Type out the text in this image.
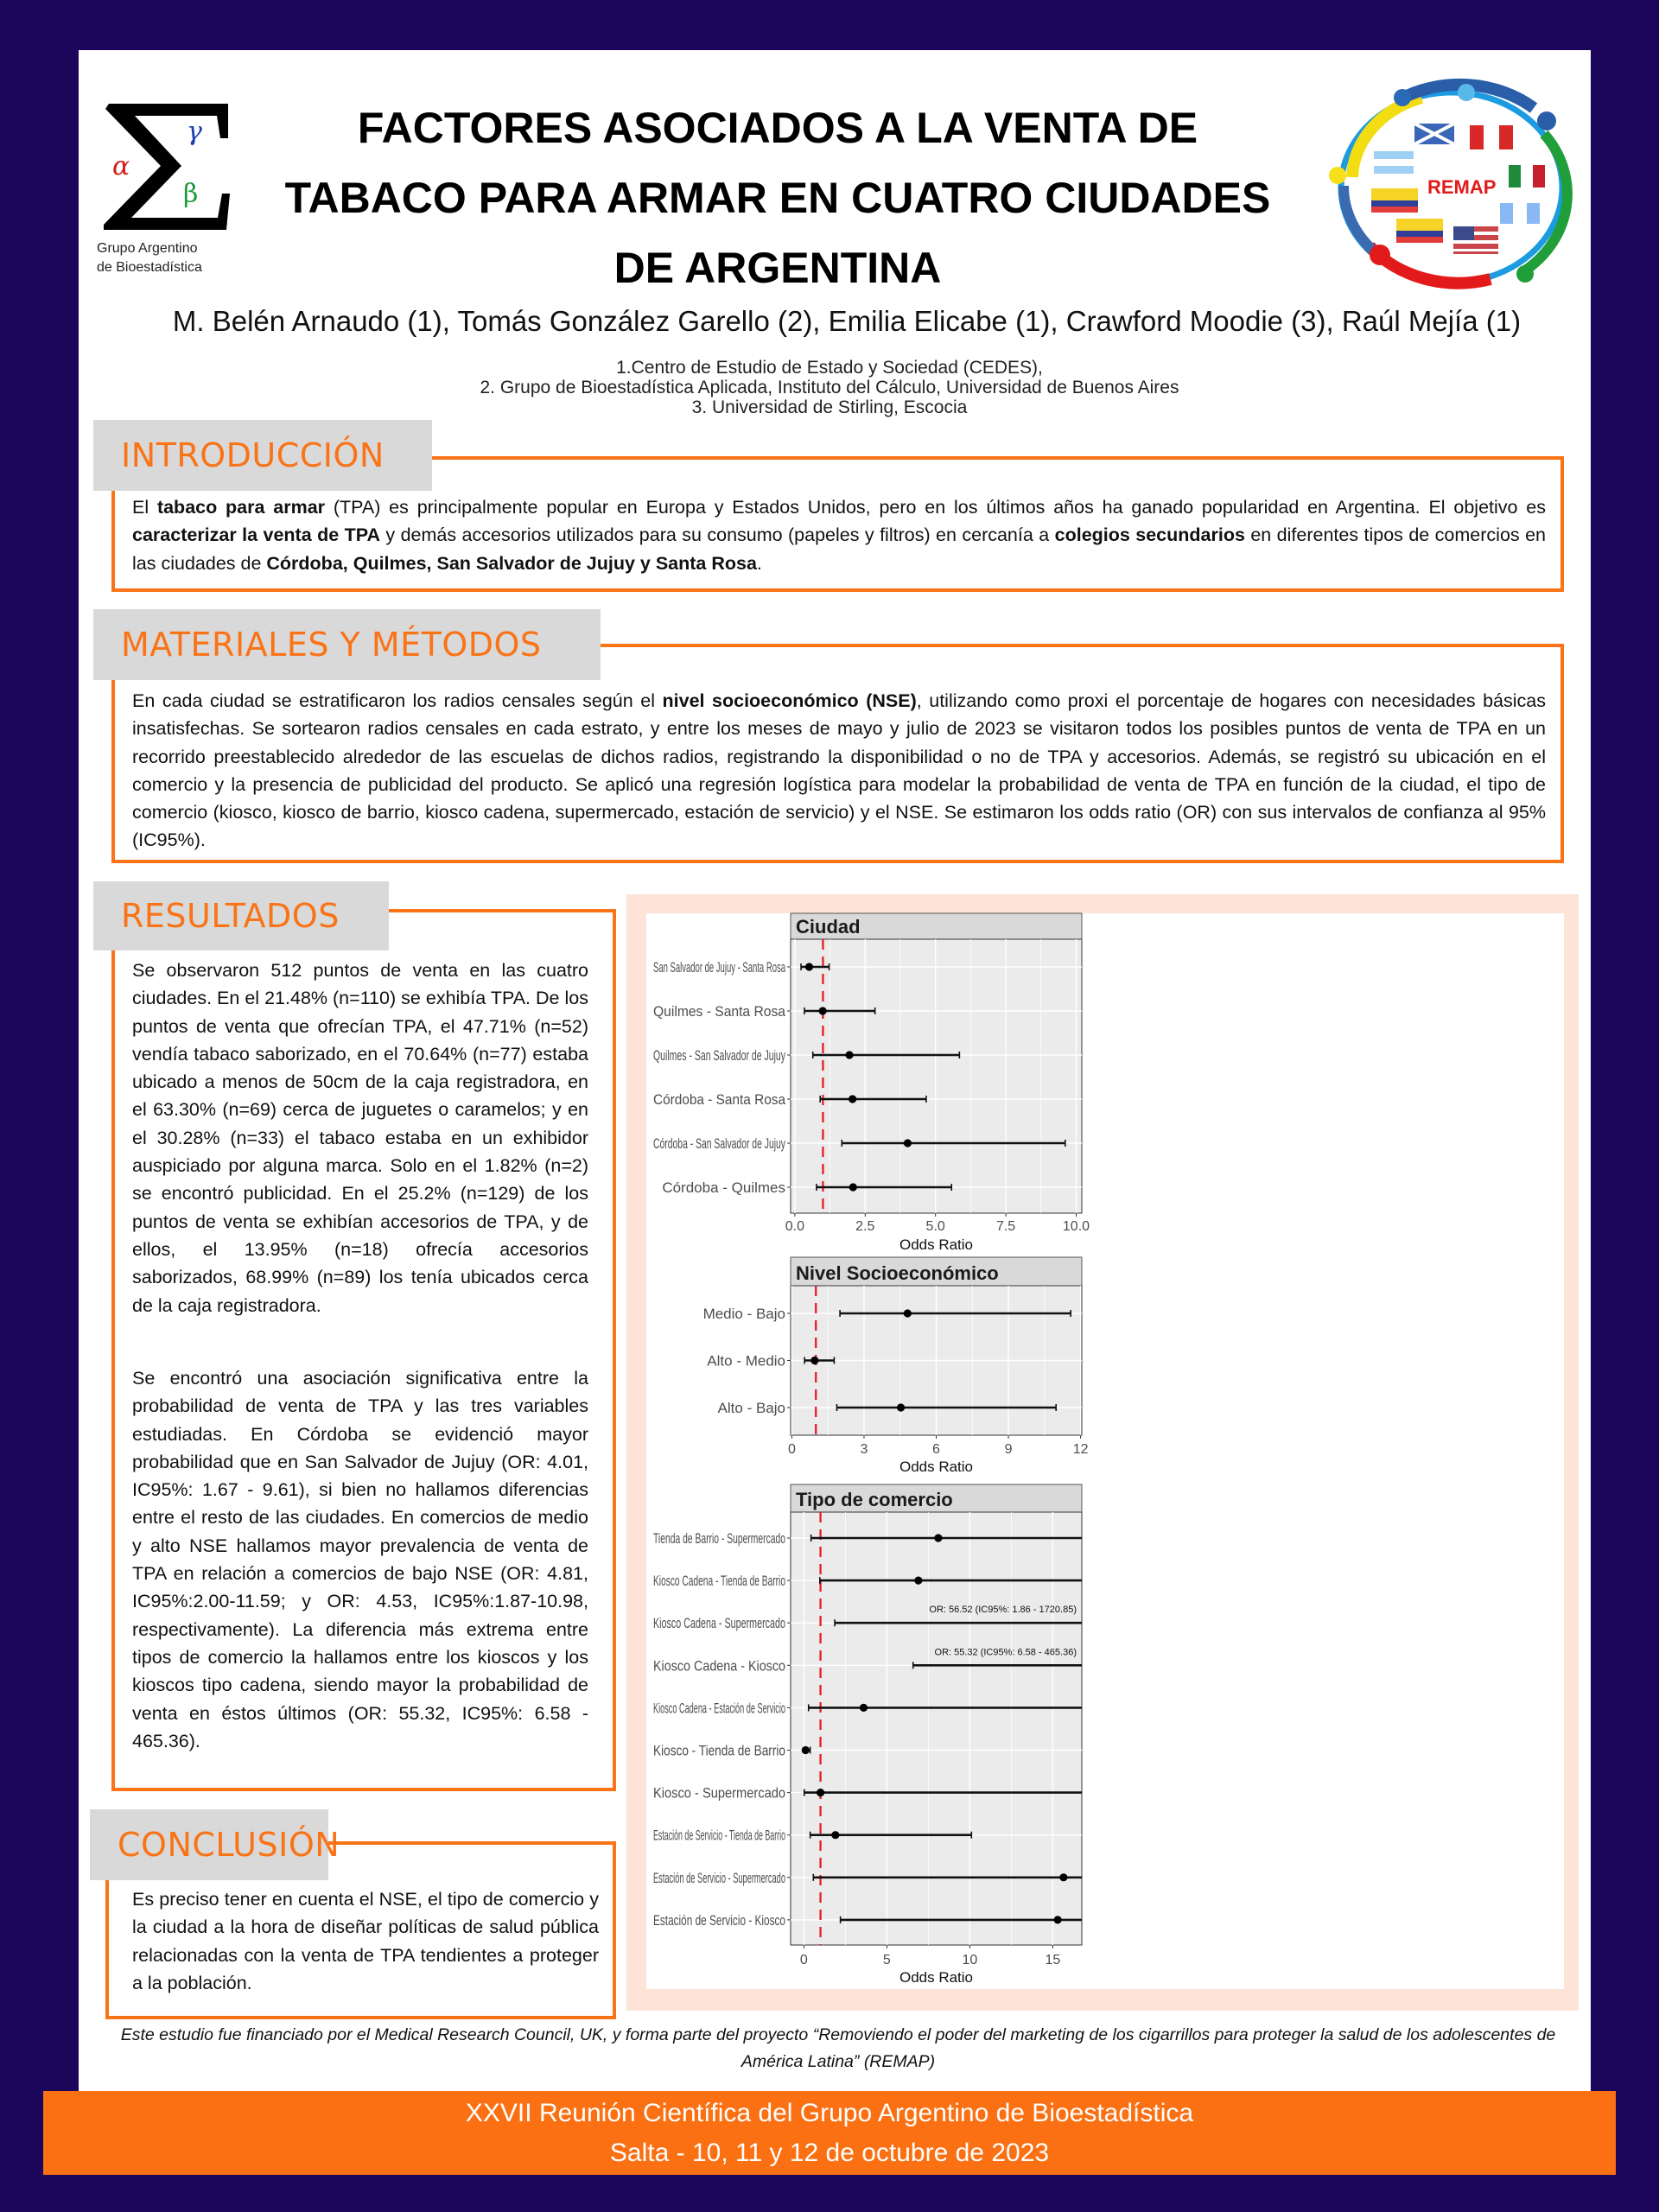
α
β
γ
Grupo Argentino
de Bioestadística
FACTORES ASOCIADOS A LA VENTA DE
TABACO PARA ARMAR EN CUATRO CIUDADES
DE ARGENTINA
REMAP
M. Belén Arnaudo (1), Tomás González Garello (2), Emilia Elicabe (1), Crawford Moodie (3), Raúl Mejía (1)
1.Centro de Estudio de Estado y Sociedad (CEDES),
2. Grupo de Bioestadística Aplicada, Instituto del Cálculo, Universidad de Buenos Aires
3. Universidad de Stirling, Escocia
INTRODUCCIÓN
El tabaco para armar (TPA) es principalmente popular en Europa y Estados Unidos, pero en los últimos años ha ganado popularidad en Argentina. El objetivo es caracterizar la venta de TPA y demás accesorios utilizados para su consumo (papeles y filtros) en cercanía a colegios secundarios en diferentes tipos de comercios en las ciudades de Córdoba, Quilmes, San Salvador de Jujuy y Santa Rosa.
MATERIALES Y MÉTODOS
En cada ciudad se estratificaron los radios censales según el nivel socioeconómico (NSE), utilizando como proxi el porcentaje de hogares con necesidades básicas insatisfechas. Se sortearon radios censales en cada estrato, y entre los meses de mayo y julio de 2023 se visitaron todos los posibles puntos de venta de TPA en un recorrido preestablecido alrededor de las escuelas de dichos radios, registrando la disponibilidad o no de TPA y accesorios. Además, se registró su ubicación en el comercio y la presencia de publicidad del producto. Se aplicó una regresión logística para modelar la probabilidad de venta de TPA en función de la ciudad, el tipo de comercio (kiosco, kiosco de barrio, kiosco cadena, supermercado, estación de servicio) y el NSE. Se estimaron los odds ratio (OR) con sus intervalos de confianza al 95% (IC95%).
RESULTADOS
Se observaron 512 puntos de venta en las cuatro ciudades. En el 21.48% (n=110) se exhibía TPA. De los puntos de venta que ofrecían TPA, el 47.71% (n=52) vendía tabaco saborizado, en el 70.64% (n=77) estaba ubicado a menos de 50cm de la caja registradora, en el 63.30% (n=69) cerca de juguetes o caramelos; y en el 30.28% (n=33) el tabaco estaba en un exhibidor auspiciado por alguna marca. Solo en el 1.82% (n=2) se encontró publicidad. En el 25.2% (n=129) de los puntos de venta se exhibían accesorios de TPA, y de ellos, el 13.95% (n=18) ofrecía accesorios saborizados, 68.99% (n=89) los tenía ubicados cerca de la caja registradora.
Se encontró una asociación significativa entre la probabilidad de venta de TPA y las tres variables estudiadas. En Córdoba se evidenció mayor probabilidad que en San Salvador de Jujuy (OR: 4.01, IC95%: 1.67 - 9.61), si bien no hallamos diferencias entre el resto de las ciudades. En comercios de medio y alto NSE hallamos mayor prevalencia de venta de TPA en relación a comercios de bajo NSE (OR: 4.81, IC95%:2.00-11.59; y OR: 4.53, IC95%:1.87-10.98, respectivamente). La diferencia más extrema entre tipos de comercio la hallamos entre los kioscos y los kioscos tipo cadena, siendo mayor la probabilidad de venta en éstos últimos (OR: 55.32, IC95%: 6.58 - 465.36).
CONCLUSIÓN
Es preciso tener en cuenta el NSE, el tipo de comercio y la ciudad a la hora de diseñar políticas de salud pública relacionadas con la venta de TPA tendientes a proteger a la población.
Ciudad
San Salvador de Jujuy - Santa Rosa
Quilmes - Santa Rosa
Quilmes - San Salvador de Jujuy
Córdoba - Santa Rosa
Córdoba - San Salvador de Jujuy
Córdoba - Quilmes
0.0	2.5	5.0	7.5	10.0
Odds Ratio
Nivel Socioeconómico
Medio - Bajo
Alto - Medio
Alto - Bajo
0	3	6	9	12
Odds Ratio
Tipo de comercio
Tienda de Barrio - Supermercado
Kiosco Cadena - Tienda de Barrio
Kiosco Cadena - Supermercado
OR: 56.52 (IC95%: 1.86 - 1720.85)
Kiosco Cadena - Kiosco
OR: 55.32 (IC95%: 6.58 - 465.36)
Kiosco Cadena - Estación de Servicio
Kiosco - Tienda de Barrio
Kiosco - Supermercado
Estación de Servicio - Tienda de Barrio
Estación de Servicio - Supermercado
Estación de Servicio - Kiosco
0	5	10	15
Odds Ratio
Este estudio fue financiado por el Medical Research Council, UK, y forma parte del proyecto “Removiendo el poder del marketing de los cigarrillos para proteger la salud de los adolescentes de América Latina” (REMAP)
XXVII Reunión Científica del Grupo Argentino de Bioestadística
Salta - 10, 11 y 12 de octubre de 2023
